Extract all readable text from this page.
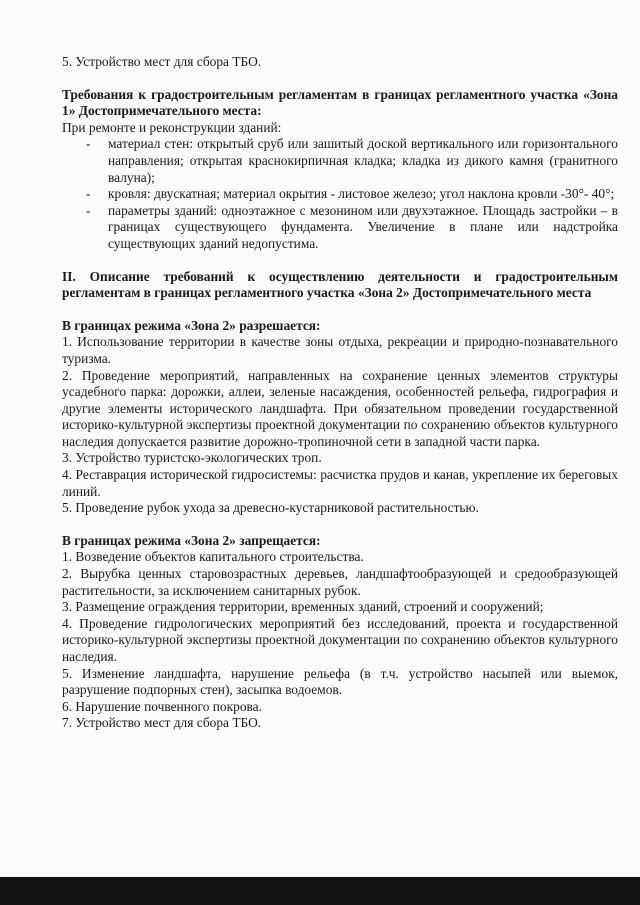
5. Устройство мест для сбора ТБО.

Требования к градостроительным регламентам в границах регламентного участка «Зона 1» Достопримечательного места:

При ремонте и реконструкции зданий:

- материал стен: открытый сруб или зашитый доской вертикального или горизонтального направления; открытая краснокирпичная кладка; кладка из дикого камня (гранитного валуна);
- кровля: двускатная; материал окрытия - листовое железо; угол наклона кровли -30°- 40°;
- параметры зданий: одноэтажное с мезонином или двухэтажное. Площадь застройки – в границах существующего фундамента. Увеличение в плане или надстройка существующих зданий недопустима.

II. Описание требований к осуществлению деятельности и градостроительным регламентам в границах регламентного участка «Зона 2» Достопримечательного места

В границах режима «Зона 2» разрешается:

1. Использование территории в качестве зоны отдыха, рекреации и природно-познавательного туризма.

2. Проведение мероприятий, направленных на сохранение ценных элементов структуры усадебного парка: дорожки, аллеи, зеленые насаждения, особенностей рельефа, гидрография и другие элементы исторического ландшафта. При обязательном проведении государственной историко-культурной экспертизы проектной документации по сохранению объектов культурного наследия допускается развитие дорожно-тропиночной сети в западной части парка.

3. Устройство туристско-экологических троп.

4. Реставрация исторической гидросистемы: расчистка прудов и канав, укрепление их береговых линий.

5. Проведение рубок ухода за древесно-кустарниковой растительностью.

В границах режима «Зона 2» запрещается:

1. Возведение объектов капитального строительства.

2. Вырубка ценных старовозрастных деревьев, ландшафтообразующей и средообразующей растительности, за исключением санитарных рубок.

3. Размещение ограждения территории, временных зданий, строений и сооружений;

4. Проведение гидрологических мероприятий без исследований, проекта и государственной историко-культурной экспертизы проектной документации по сохранению объектов культурного наследия.

5. Изменение ландшафта, нарушение рельефа (в т.ч. устройство насыпей или выемок, разрушение подпорных стен), засыпка водоемов.

6. Нарушение почвенного покрова.

7. Устройство мест для сбора ТБО.
